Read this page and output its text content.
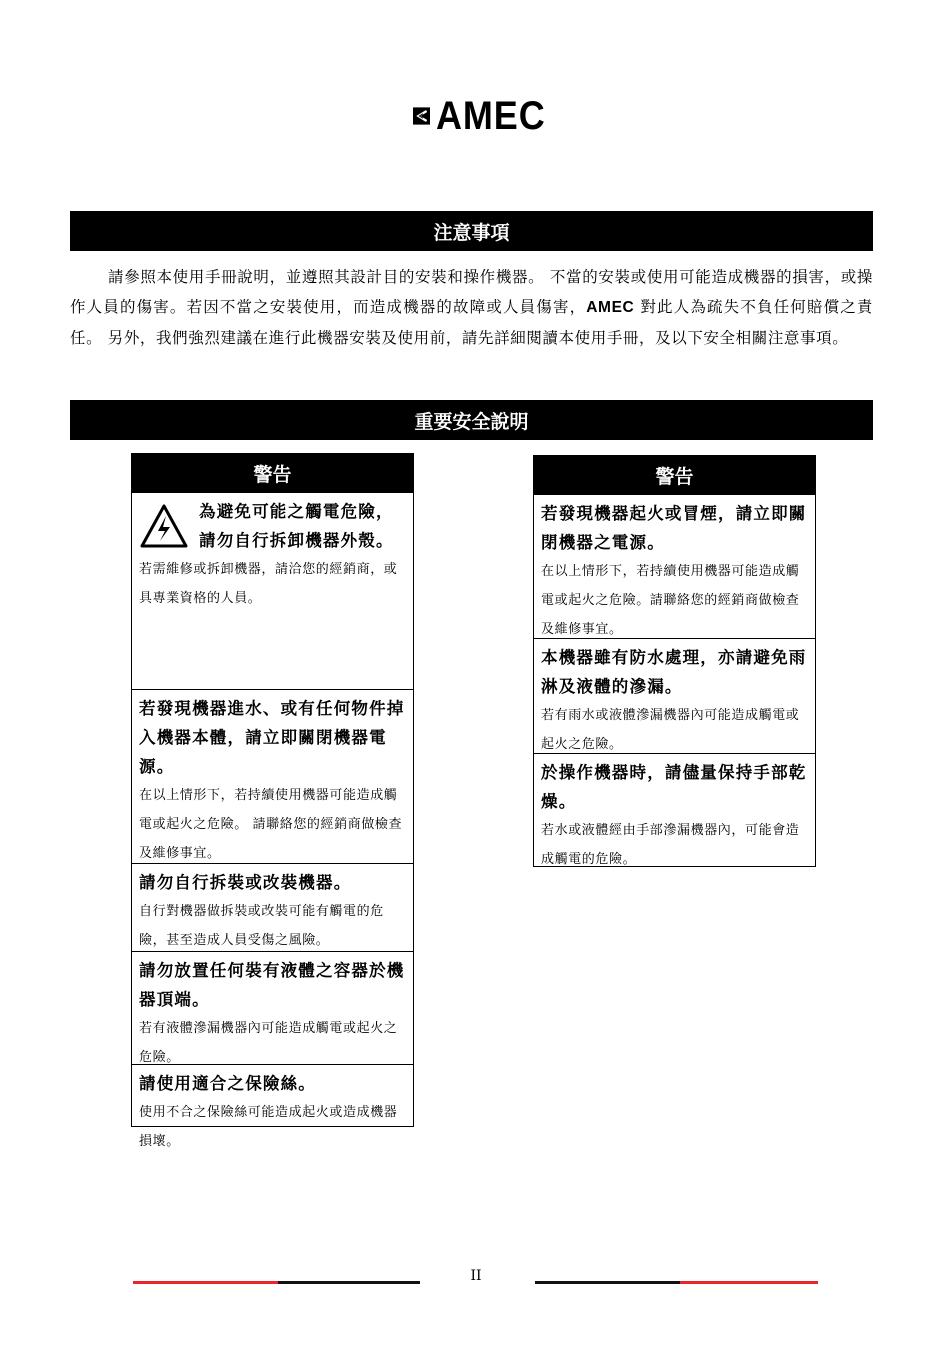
AMEC
注意事項

請參照本使用手冊說明，並遵照其設計目的安裝和操作機器。 不當的安裝或使用可能造成機器的損害，或操作人員的傷害。若因不當之安裝使用，而造成機器的故障或人員傷害，AMEC 對此人為疏失不負任何賠償之責任。 另外，我們強烈建議在進行此機器安裝及使用前，請先詳細閱讀本使用手冊，及以下安全相關注意事項。

重要安全說明
警告
為避免可能之觸電危險，請勿自行拆卸機器外殼。
若需維修或拆卸機器，請洽您的經銷商，或具專業資格的人員。
若發現機器進水、或有任何物件掉入機器本體，請立即關閉機器電源。
在以上情形下，若持續使用機器可能造成觸電或起火之危險。 請聯絡您的經銷商做檢查及維修事宜。
請勿自行拆裝或改裝機器。
自行對機器做拆裝或改裝可能有觸電的危險，甚至造成人員受傷之風險。
請勿放置任何裝有液體之容器於機器頂端。
若有液體滲漏機器內可能造成觸電或起火之危險。
請使用適合之保險絲。
使用不合之保險絲可能造成起火或造成機器損壞。
警告
若發現機器起火或冒煙，請立即關閉機器之電源。
在以上情形下，若持續使用機器可能造成觸電或起火之危險。請聯絡您的經銷商做檢查及維修事宜。
本機器雖有防水處理，亦請避免雨淋及液體的滲漏。
若有雨水或液體滲漏機器內可能造成觸電或起火之危險。
於操作機器時，請儘量保持手部乾燥。
若水或液體經由手部滲漏機器內，可能會造成觸電的危險。
II
